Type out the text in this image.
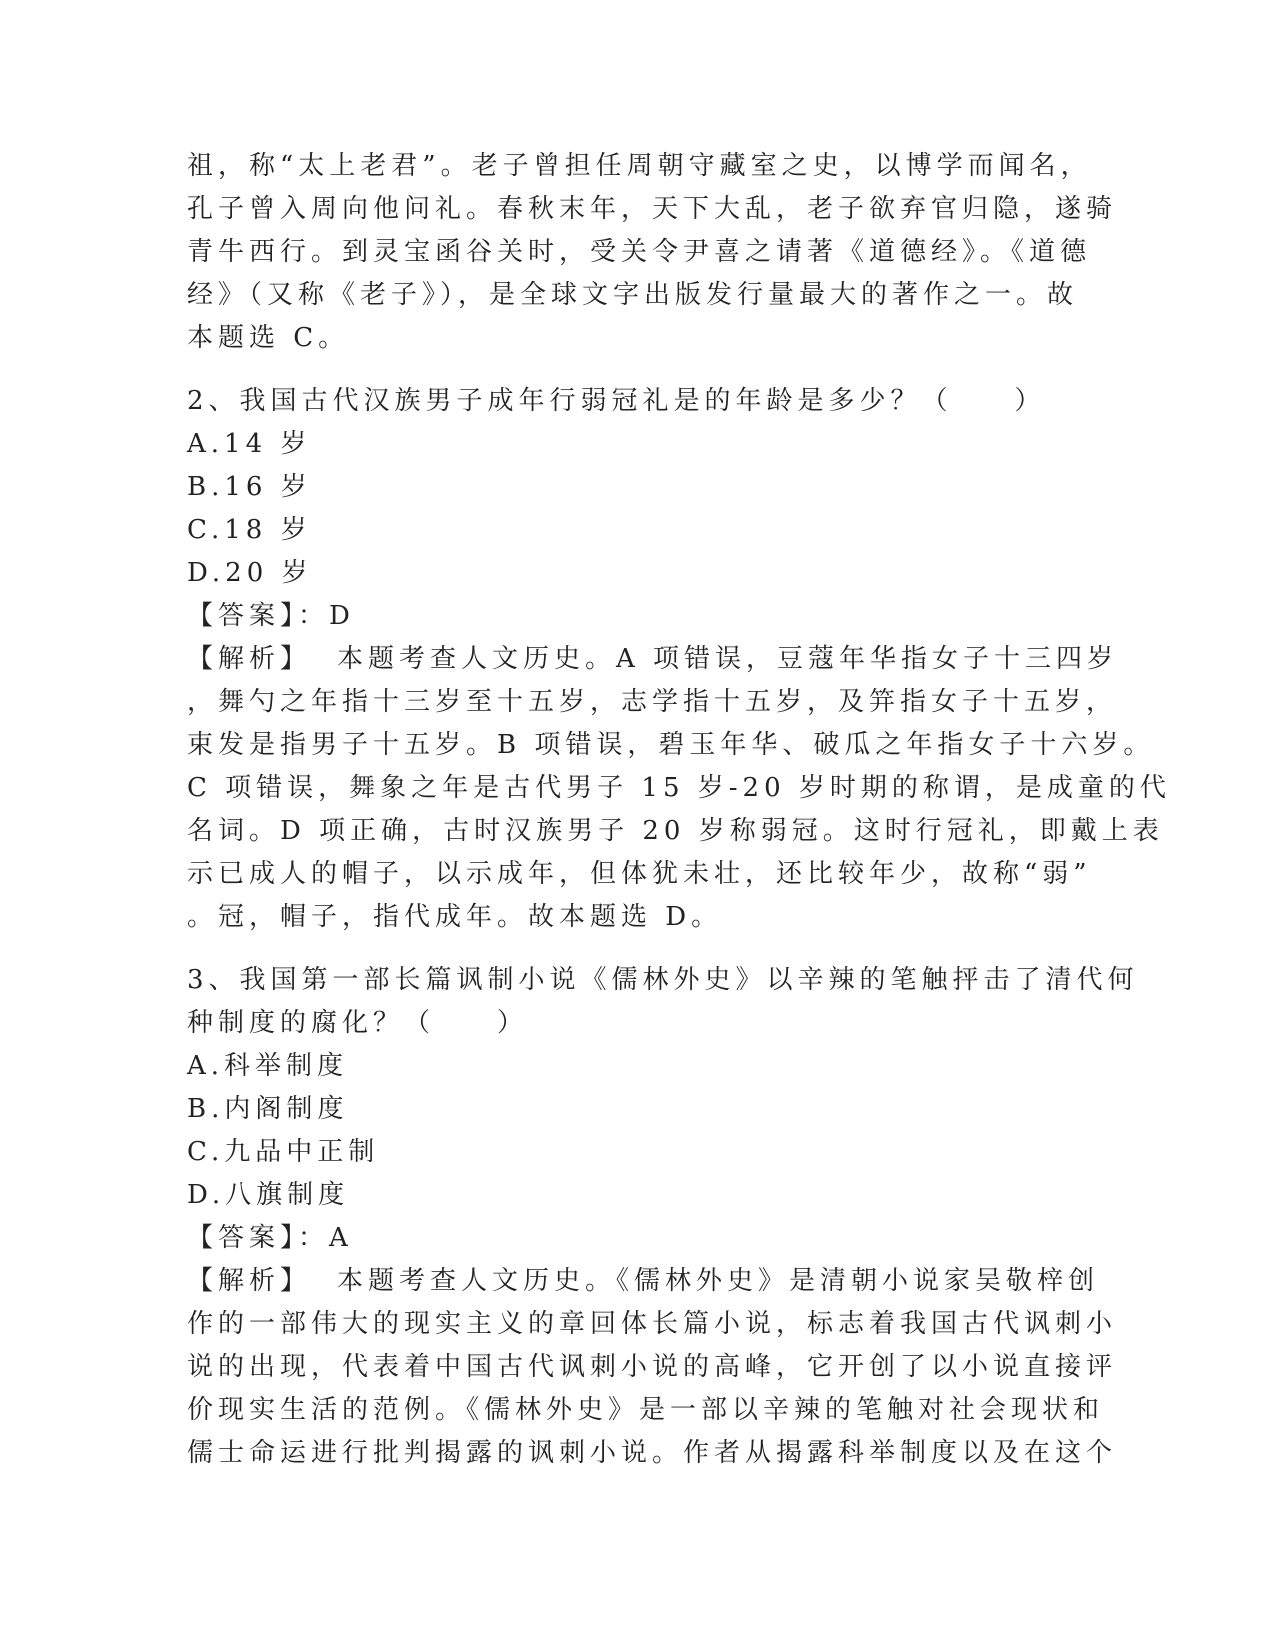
祖，称“太上老君”。老子曾担任周朝守藏室之史，以博学而闻名，
孔子曾入周向他问礼。春秋末年，天下大乱，老子欲弃官归隐，遂骑
青牛西行。到灵宝函谷关时，受关令尹喜之请著《道德经》。《道德
经》（又称《老子》），是全球文字出版发行量最大的著作之一。故
本题选 C。
2、我国古代汉族男子成年行弱冠礼是的年龄是多少？（　　）
A.14 岁
B.16 岁
C.18 岁
D.20 岁
【答案】：D
【解析】 本题考查人文历史。A 项错误，豆蔻年华指女子十三四岁
，舞勺之年指十三岁至十五岁，志学指十五岁，及笄指女子十五岁，
束发是指男子十五岁。B 项错误，碧玉年华、破瓜之年指女子十六岁。
C 项错误，舞象之年是古代男子 15 岁-20 岁时期的称谓，是成童的代
名词。D 项正确，古时汉族男子 20 岁称弱冠。这时行冠礼，即戴上表
示已成人的帽子，以示成年，但体犹未壮，还比较年少，故称“弱”
。冠，帽子，指代成年。故本题选 D。
3、我国第一部长篇讽制小说《儒林外史》以辛辣的笔触抨击了清代何
种制度的腐化？（　　）
A.科举制度
B.内阁制度
C.九品中正制
D.八旗制度
【答案】：A
【解析】 本题考查人文历史。《儒林外史》是清朝小说家吴敬梓创
作的一部伟大的现实主义的章回体长篇小说，标志着我国古代讽刺小
说的出现，代表着中国古代讽刺小说的高峰，它开创了以小说直接评
价现实生活的范例。《儒林外史》是一部以辛辣的笔触对社会现状和
儒士命运进行批判揭露的讽刺小说。作者从揭露科举制度以及在这个
